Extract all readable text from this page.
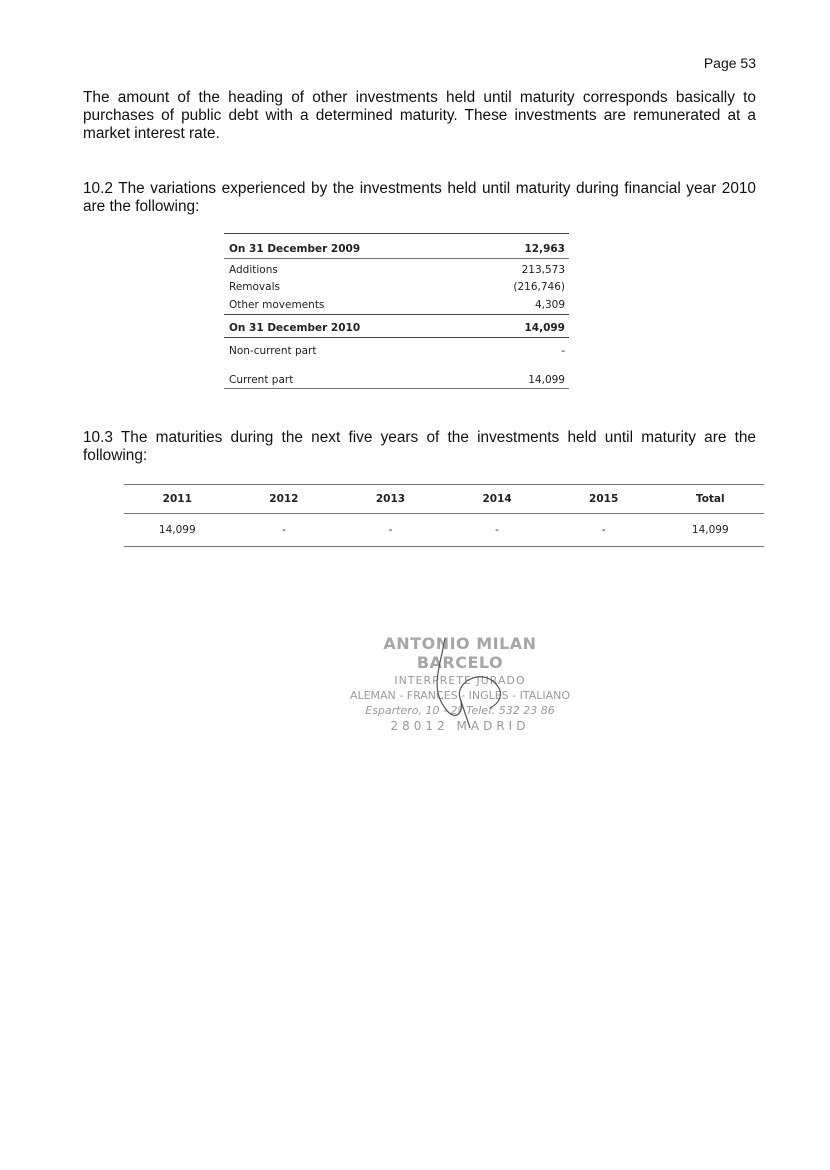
Page 53

The amount of the heading of other investments held until maturity corresponds basically to purchases of public debt with a determined maturity. These investments are remunerated at a market interest rate.

10.2 The variations experienced by the investments held until maturity during financial year 2010 are the following:

On 31 December 2009	12,963
Additions	213,573
Removals	(216,746)
Other movements	4,309
On 31 December 2010	14,099
Non-current part	-
Current part	14,099

10.3 The maturities during the next five years of the investments held until maturity are the following:

2011	2012	2013	2014	2015	Total
14,099	-	-	-	-	14,099
ANTONIO MILAN BARCELO
INTERPRETE JURADO
ALEMAN - FRANCES - INGLES - ITALIANO
Espartero, 10 - 2º Telef. 532 23 86
28012 MADRID
